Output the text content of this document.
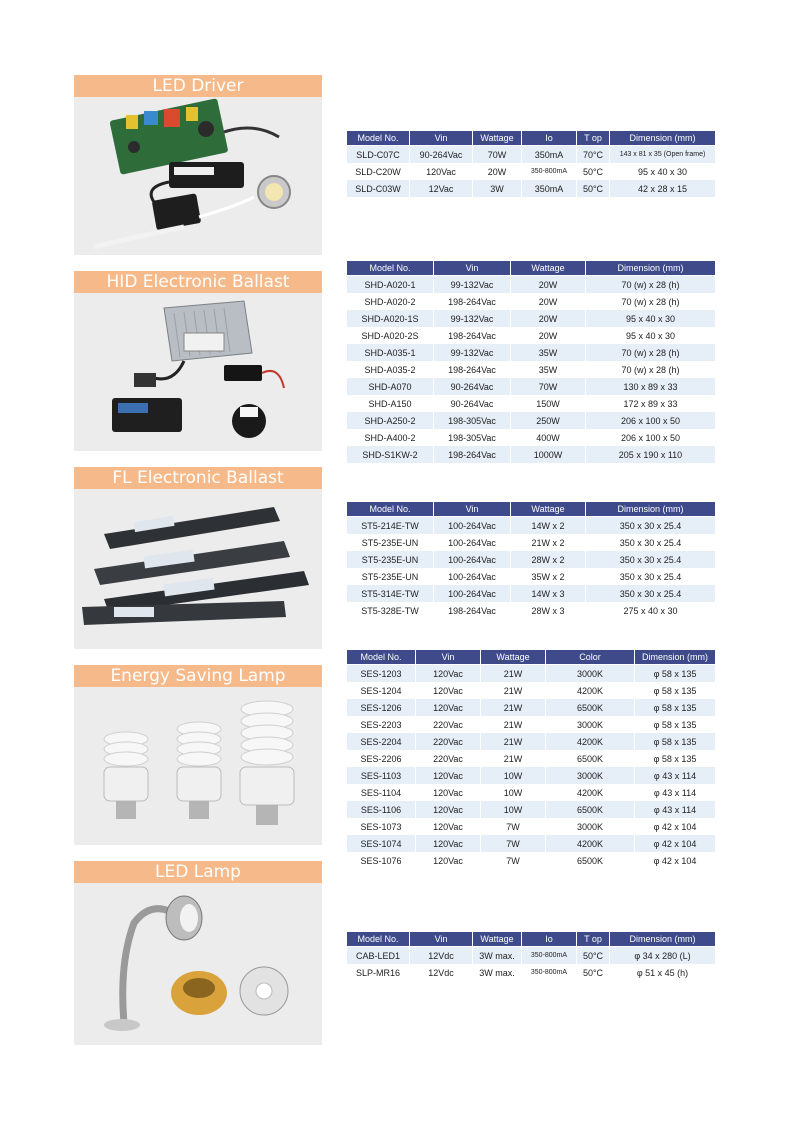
LED Driver
Model No.	Vin	Wattage	Io	T op	Dimension (mm)
SLD-C07C	90-264Vac	70W	350mA	70°C	143 x 81 x 35 (Open frame)
SLD-C20W	120Vac	20W	350-800mA	50°C	95 x 40 x 30
SLD-C03W	12Vac	3W	350mA	50°C	42 x 28 x 15
HID Electronic Ballast
Model No.	Vin	Wattage	Dimension (mm)
SHD-A020-1	99-132Vac	20W	70 (w) x 28 (h)
SHD-A020-2	198-264Vac	20W	70 (w) x 28 (h)
SHD-A020-1S	99-132Vac	20W	95 x 40 x 30
SHD-A020-2S	198-264Vac	20W	95 x 40 x 30
SHD-A035-1	99-132Vac	35W	70 (w) x 28 (h)
SHD-A035-2	198-264Vac	35W	70 (w) x 28 (h)
SHD-A070	90-264Vac	70W	130 x 89 x 33
SHD-A150	90-264Vac	150W	172 x 89 x 33
SHD-A250-2	198-305Vac	250W	206 x 100 x 50
SHD-A400-2	198-305Vac	400W	206 x 100 x 50
SHD-S1KW-2	198-264Vac	1000W	205 x 190 x 110
FL Electronic Ballast
Model No.	Vin	Wattage	Dimension (mm)
ST5-214E-TW	100-264Vac	14W x 2	350 x 30 x 25.4
ST5-235E-UN	100-264Vac	21W x 2	350 x 30 x 25.4
ST5-235E-UN	100-264Vac	28W x 2	350 x 30 x 25.4
ST5-235E-UN	100-264Vac	35W x 2	350 x 30 x 25.4
ST5-314E-TW	100-264Vac	14W x 3	350 x 30 x 25.4
ST5-328E-TW	198-264Vac	28W x 3	275 x 40 x 30
Energy Saving Lamp
Model No.	Vin	Wattage	Color	Dimension (mm)
SES-1203	120Vac	21W	3000K	φ 58 x 135
SES-1204	120Vac	21W	4200K	φ 58 x 135
SES-1206	120Vac	21W	6500K	φ 58 x 135
SES-2203	220Vac	21W	3000K	φ 58 x 135
SES-2204	220Vac	21W	4200K	φ 58 x 135
SES-2206	220Vac	21W	6500K	φ 58 x 135
SES-1103	120Vac	10W	3000K	φ 43 x 114
SES-1104	120Vac	10W	4200K	φ 43 x 114
SES-1106	120Vac	10W	6500K	φ 43 x 114
SES-1073	120Vac	7W	3000K	φ 42 x 104
SES-1074	120Vac	7W	4200K	φ 42 x 104
SES-1076	120Vac	7W	6500K	φ 42 x 104
LED Lamp
Model No.	Vin	Wattage	Io	T op	Dimension (mm)
CAB-LED1	12Vdc	3W max.	350-800mA	50°C	φ 34 x 280 (L)
SLP-MR16	12Vdc	3W max.	350-800mA	50°C	φ 51 x 45 (h)
